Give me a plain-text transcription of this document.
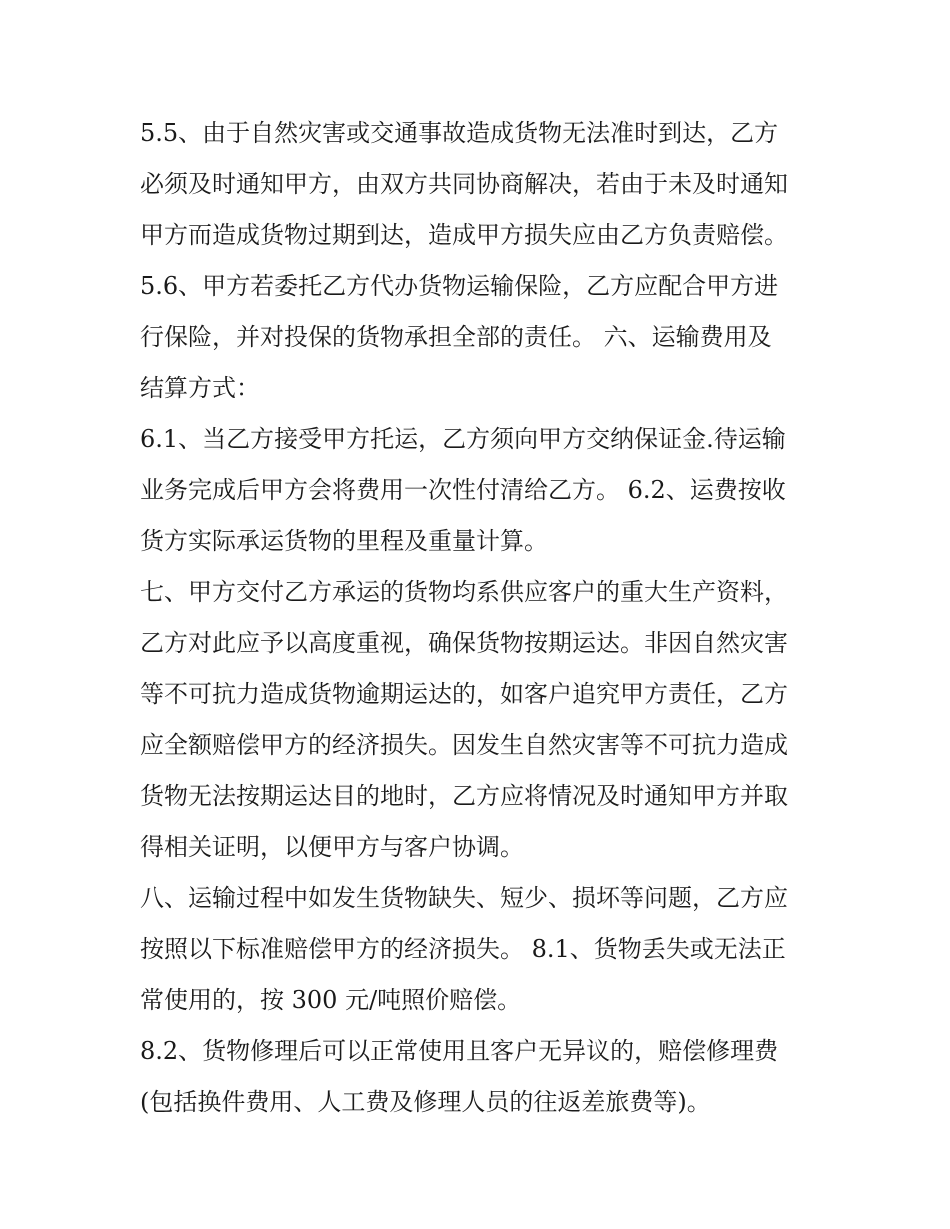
5.5、由于自然灾害或交通事故造成货物无法准时到达，乙方
必须及时通知甲方，由双方共同协商解决，若由于未及时通知
甲方而造成货物过期到达，造成甲方损失应由乙方负责赔偿。
5.6、甲方若委托乙方代办货物运输保险，乙方应配合甲方进
行保险，并对投保的货物承担全部的责任。 六、运输费用及
结算方式：
6.1、当乙方接受甲方托运，乙方须向甲方交纳保证金.待运输
业务完成后甲方会将费用一次性付清给乙方。 6.2、运费按收
货方实际承运货物的里程及重量计算。
七、甲方交付乙方承运的货物均系供应客户的重大生产资料，
乙方对此应予以高度重视，确保货物按期运达。非因自然灾害
等不可抗力造成货物逾期运达的，如客户追究甲方责任，乙方
应全额赔偿甲方的经济损失。因发生自然灾害等不可抗力造成
货物无法按期运达目的地时，乙方应将情况及时通知甲方并取
得相关证明，以便甲方与客户协调。
八、运输过程中如发生货物缺失、短少、损坏等问题，乙方应
按照以下标准赔偿甲方的经济损失。 8.1、货物丢失或无法正
常使用的，按 300 元/吨照价赔偿。
8.2、货物修理后可以正常使用且客户无异议的，赔偿修理费
(包括换件费用、人工费及修理人员的往返差旅费等)。
